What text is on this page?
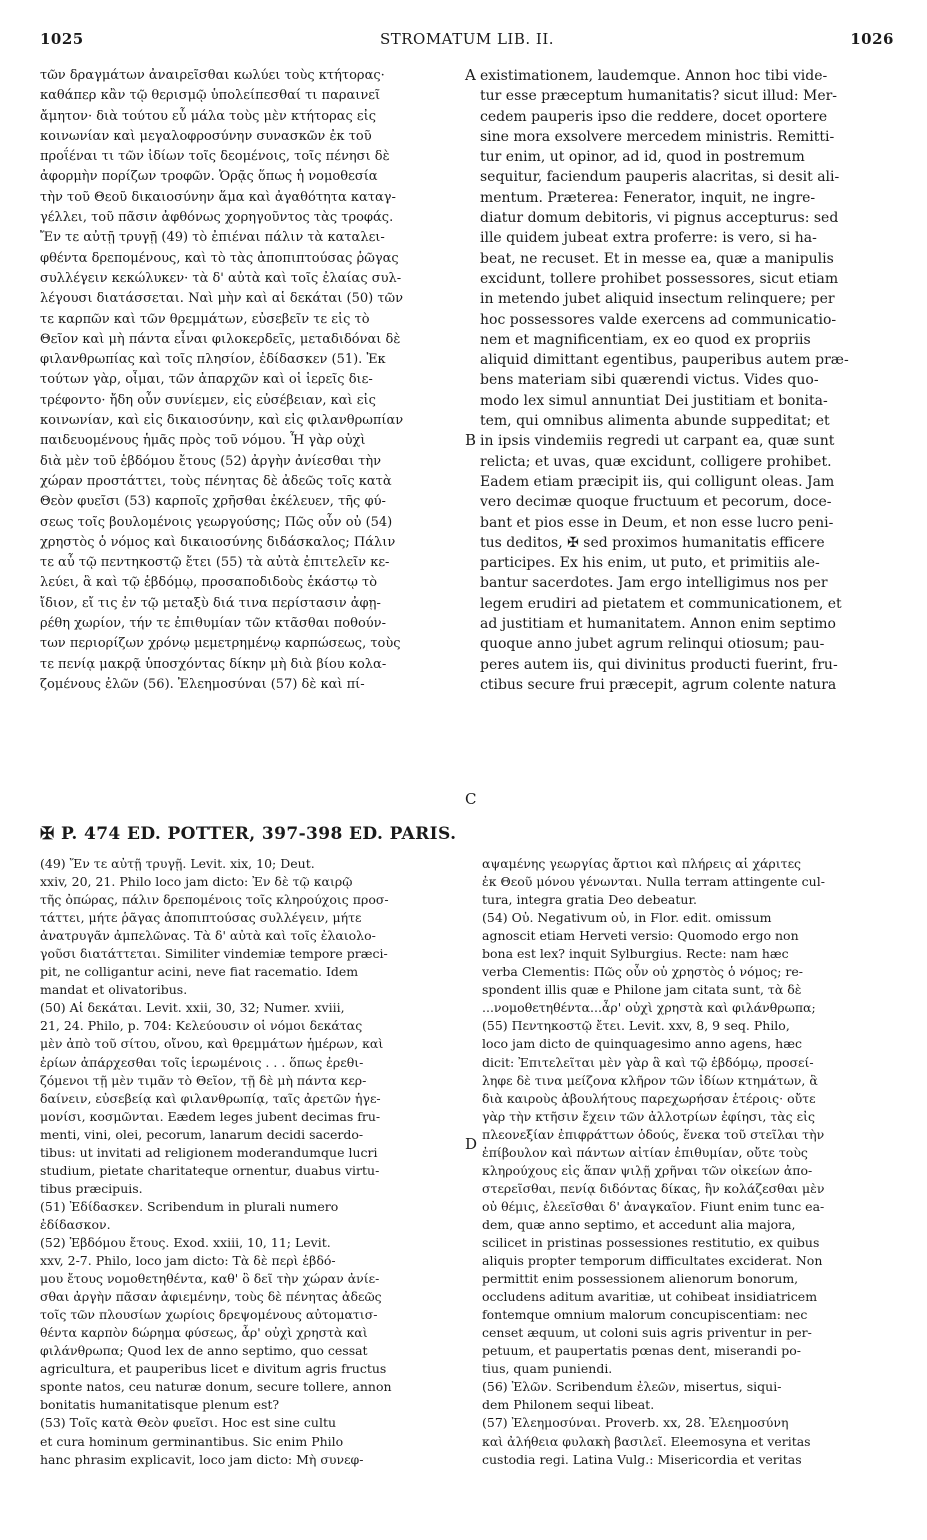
1025	STROMATUM LIB. II.	1026
τῶν δραγμάτων ἀναιρεῖσθαι κωλύει τοὺς κτήτορας·
καθάπερ κἂν τῷ θερισμῷ ὑπολείπεσθαί τι παραινεῖ
ἄμητον· διὰ τούτου εὖ μάλα τοὺς μὲν κτήτορας εἰς
κοινωνίαν καὶ μεγαλοφροσύνην συνασκῶν ἐκ τοῦ
προΐέναι τι τῶν ἰδίων τοῖς δεομένοις, τοῖς πένησι δὲ
ἀφορμὴν πορίζων τροφῶν. Ὁρᾷς ὅπως ἡ νομοθεσία
τὴν τοῦ Θεοῦ δικαιοσύνην ἅμα καὶ ἀγαθότητα καταγ-
γέλλει, τοῦ πᾶσιν ἀφθόνως χορηγοῦντος τὰς τροφάς.
Ἔν τε αὐτῇ τρυγῇ (49) τὸ ἐπιέναι πάλιν τὰ καταλει-
φθέντα δρεπομένους, καὶ τὸ τὰς ἀποπιπτούσας ῥῶγας
συλλέγειν κεκώλυκεν· τὰ δ' αὐτὰ καὶ τοῖς ἐλαίας συλ-
λέγουσι διατάσσεται. Ναὶ μὴν καὶ αἱ δεκάται (50) τῶν
τε καρπῶν καὶ τῶν θρεμμάτων, εὐσεβεῖν τε εἰς τὸ
Θεῖον καὶ μὴ πάντα εἶναι φιλοκερδεῖς, μεταδιδόναι δὲ
φιλανθρωπίας καὶ τοῖς πλησίον, ἐδίδασκεν (51). Ἐκ
τούτων γὰρ, οἶμαι, τῶν ἀπαρχῶν καὶ οἱ ἱερεῖς διε-
τρέφοντο· ἤδη οὖν συνίεμεν, εἰς εὐσέβειαν, καὶ εἰς
κοινωνίαν, καὶ εἰς δικαιοσύνην, καὶ εἰς φιλανθρωπίαν
παιδευομένους ἡμᾶς πρὸς τοῦ νόμου. Ἦ γὰρ οὐχὶ
διὰ μὲν τοῦ ἑβδόμου ἔτους (52) ἀργὴν ἀνίεσθαι τὴν
χώραν προστάττει, τοὺς πένητας δὲ ἀδεῶς τοῖς κατὰ
Θεὸν φυεῖσι (53) καρποῖς χρῆσθαι ἐκέλευεν, τῆς φύ-
σεως τοῖς βουλομένοις γεωργούσης; Πῶς οὖν οὐ (54)
χρηστὸς ὁ νόμος καὶ δικαιοσύνης διδάσκαλος; Πάλιν
τε αὖ τῷ πεντηκοστῷ ἔτει (55) τὰ αὐτὰ ἐπιτελεῖν κε-
λεύει, ἃ καὶ τῷ ἑβδόμῳ, προσαποδιδοὺς ἑκάστῳ τὸ
ἴδιον, εἴ τις ἐν τῷ μεταξὺ διά τινα περίστασιν ἀφῃ-
ρέθη χωρίον, τήν τε ἐπιθυμίαν τῶν κτᾶσθαι ποθούν-
των περιορίζων χρόνῳ μεμετρημένῳ καρπώσεως, τοὺς
τε πενίᾳ μακρᾷ ὑποσχόντας δίκην μὴ διὰ βίου κολα-
ζομένους ἐλῶν (56). Ἐλεημοσύναι (57) δὲ καὶ πί-
existimationem, laudemque. Annon hoc tibi vide-
tur esse præceptum humanitatis? sicut illud: Mer-
cedem pauperis ipso die reddere, docet oportere
sine mora exsolvere mercedem ministris. Remitti-
tur enim, ut opinor, ad id, quod in postremum
sequitur, faciendum pauperis alacritas, si desit ali-
mentum. Præterea: Fenerator, inquit, ne ingre-
diatur domum debitoris, vi pignus accepturus: sed
ille quidem jubeat extra proferre: is vero, si ha-
beat, ne recuset. Et in messe ea, quæ a manipulis
excidunt, tollere prohibet possessores, sicut etiam
in metendo jubet aliquid insectum relinquere; per
hoc possessores valde exercens ad communicatio-
nem et magnificentiam, ex eo quod ex propriis
aliquid dimittant egentibus, pauperibus autem præ-
bens materiam sibi quærendi victus. Vides quo-
modo lex simul annuntiat Dei justitiam et bonita-
tem, qui omnibus alimenta abunde suppeditat; et
in ipsis vindemiis regredi ut carpant ea, quæ sunt
relicta; et uvas, quæ excidunt, colligere prohibet.
Eadem etiam præcipit iis, qui colligunt oleas. Jam
vero decimæ quoque fructuum et pecorum, doce-
bant et pios esse in Deum, et non esse lucro peni-
tus deditos, ✠ sed proximos humanitatis efficere
participes. Ex his enim, ut puto, et primitiis ale-
bantur sacerdotes. Jam ergo intelligimus nos per
legem erudiri ad pietatem et communicationem, et
ad justitiam et humanitatem. Annon enim septimo
quoque anno jubet agrum relinqui otiosum; pau-
peres autem iis, qui divinitus producti fuerint, fru-
ctibus secure frui præcepit, agrum colente natura
A
B
C
D
✠ P. 474 ED. POTTER, 397-398 ED. PARIS.
(49) Ἔν τε αὐτῇ τρυγῇ. Levit. xix, 10; Deut.
xxiv, 20, 21. Philo loco jam dicto: Ἐν δὲ τῷ καιρῷ
τῆς ὀπώρας, πάλιν δρεπομένοις τοῖς κληρούχοις προσ-
τάττει, μήτε ῥᾶγας ἀποπιπτούσας συλλέγειν, μήτε
ἀνατρυγᾶν ἀμπελῶνας. Τὰ δ' αὐτὰ καὶ τοῖς ἐλαιολο-
γοῦσι διατάττεται. Similiter vindemiæ tempore præci-
pit, ne colligantur acini, neve fiat racematio. Idem
mandat et olivatoribus.
(50) Αἱ δεκάται. Levit. xxii, 30, 32; Numer. xviii,
21, 24. Philo, p. 704: Κελεύουσιν οἱ νόμοι δεκάτας
μὲν ἀπὸ τοῦ σίτου, οἴνου, καὶ θρεμμάτων ἡμέρων, καὶ
ἐρίων ἀπάρχεσθαι τοῖς ἱερωμένοις . . . ὅπως ἐρεθι-
ζόμενοι τῇ μὲν τιμᾶν τὸ Θεῖον, τῇ δὲ μὴ πάντα κερ-
δαίνειν, εὐσεβείᾳ καὶ φιλανθρωπίᾳ, ταῖς ἀρετῶν ἡγε-
μονίσι, κοσμῶνται. Eædem leges jubent decimas fru-
menti, vini, olei, pecorum, lanarum decidi sacerdo-
tibus: ut invitati ad religionem moderandumque lucri
studium, pietate charitateque ornentur, duabus virtu-
tibus præcipuis.
(51) Ἐδίδασκεν. Scribendum in plurali numero
ἐδίδασκον.
(52) Ἑβδόμου ἔτους. Exod. xxiii, 10, 11; Levit.
xxv, 2-7. Philo, loco jam dicto: Τὰ δὲ περὶ ἑβδό-
μου ἔτους νομοθετηθέντα, καθ' ὃ δεῖ τὴν χώραν ἀνίε-
σθαι ἀργὴν πᾶσαν ἀφιεμένην, τοὺς δὲ πένητας ἀδεῶς
τοῖς τῶν πλουσίων χωρίοις δρεψομένους αὐτοματισ-
θέντα καρπὸν δώρημα φύσεως, ἆρ' οὐχὶ χρηστὰ καὶ
φιλάνθρωπα; Quod lex de anno septimo, quo cessat
agricultura, et pauperibus licet e divitum agris fructus
sponte natos, ceu naturæ donum, secure tollere, annon
bonitatis humanitatisque plenum est?
(53) Τοῖς κατὰ Θεὸν φυεῖσι. Hoc est sine cultu
et cura hominum germinantibus. Sic enim Philo
hanc phrasim explicavit, loco jam dicto: Μὴ συνεφ-
αψαμένης γεωργίας ἄρτιοι καὶ πλήρεις αἱ χάριτες
ἐκ Θεοῦ μόνου γένωνται. Nulla terram attingente cul-
tura, integra gratia Deo debeatur.
(54) Οὐ. Negativum οὐ, in Flor. edit. omissum
agnoscit etiam Herveti versio: Quomodo ergo non
bona est lex? inquit Sylburgius. Recte: nam hæc
verba Clementis: Πῶς οὖν οὐ χρηστὸς ὁ νόμος; re-
spondent illis quæ e Philone jam citata sunt, τὰ δὲ
...νομοθετηθέντα...ἆρ' οὐχὶ χρηστὰ καὶ φιλάνθρωπα;
(55) Πεντηκοστῷ ἔτει. Levit. xxv, 8, 9 seq. Philo,
loco jam dicto de quinquagesimo anno agens, hæc
dicit: Ἐπιτελεῖται μὲν γὰρ ἃ καὶ τῷ ἑβδόμῳ, προσεί-
ληφε δὲ τινα μείζονα κλῆρον τῶν ἰδίων κτημάτων, ἃ
διὰ καιροὺς ἀβουλήτους παρεχωρήσαν ἑτέροις· οὔτε
γὰρ τὴν κτῆσιν ἔχειν τῶν ἀλλοτρίων ἐφίησι, τὰς εἰς
πλεονεξίαν ἐπιφράττων ὁδούς, ἕνεκα τοῦ στεῖλαι τὴν
ἐπίβουλον καὶ πάντων αἰτίαν ἐπιθυμίαν, οὔτε τοὺς
κληρούχους εἰς ἅπαν ψιλῇ χρῆναι τῶν οἰκείων ἀπο-
στερεῖσθαι, πενίᾳ διδόντας δίκας, ἣν κολάζεσθαι μὲν
οὐ θέμις, ἐλεεῖσθαι δ' ἀναγκαῖον. Fiunt enim tunc ea-
dem, quæ anno septimo, et accedunt alia majora,
scilicet in pristinas possessiones restitutio, ex quibus
aliquis propter temporum difficultates exciderat. Non
permittit enim possessionem alienorum bonorum,
occludens aditum avaritiæ, ut cohibeat insidiatricem
fontemque omnium malorum concupiscentiam: nec
censet æquum, ut coloni suis agris priventur in per-
petuum, et paupertatis pœnas dent, miserandi po-
tius, quam puniendi.
(56) Ἐλῶν. Scribendum ἐλεῶν, misertus, siqui-
dem Philonem sequi libeat.
(57) Ἐλεημοσύναι. Proverb. xx, 28. Ἐλεημοσύνη
καὶ ἀλήθεια φυλακὴ βασιλεῖ. Eleemosyna et veritas
custodia regi. Latina Vulg.: Misericordia et veritas
